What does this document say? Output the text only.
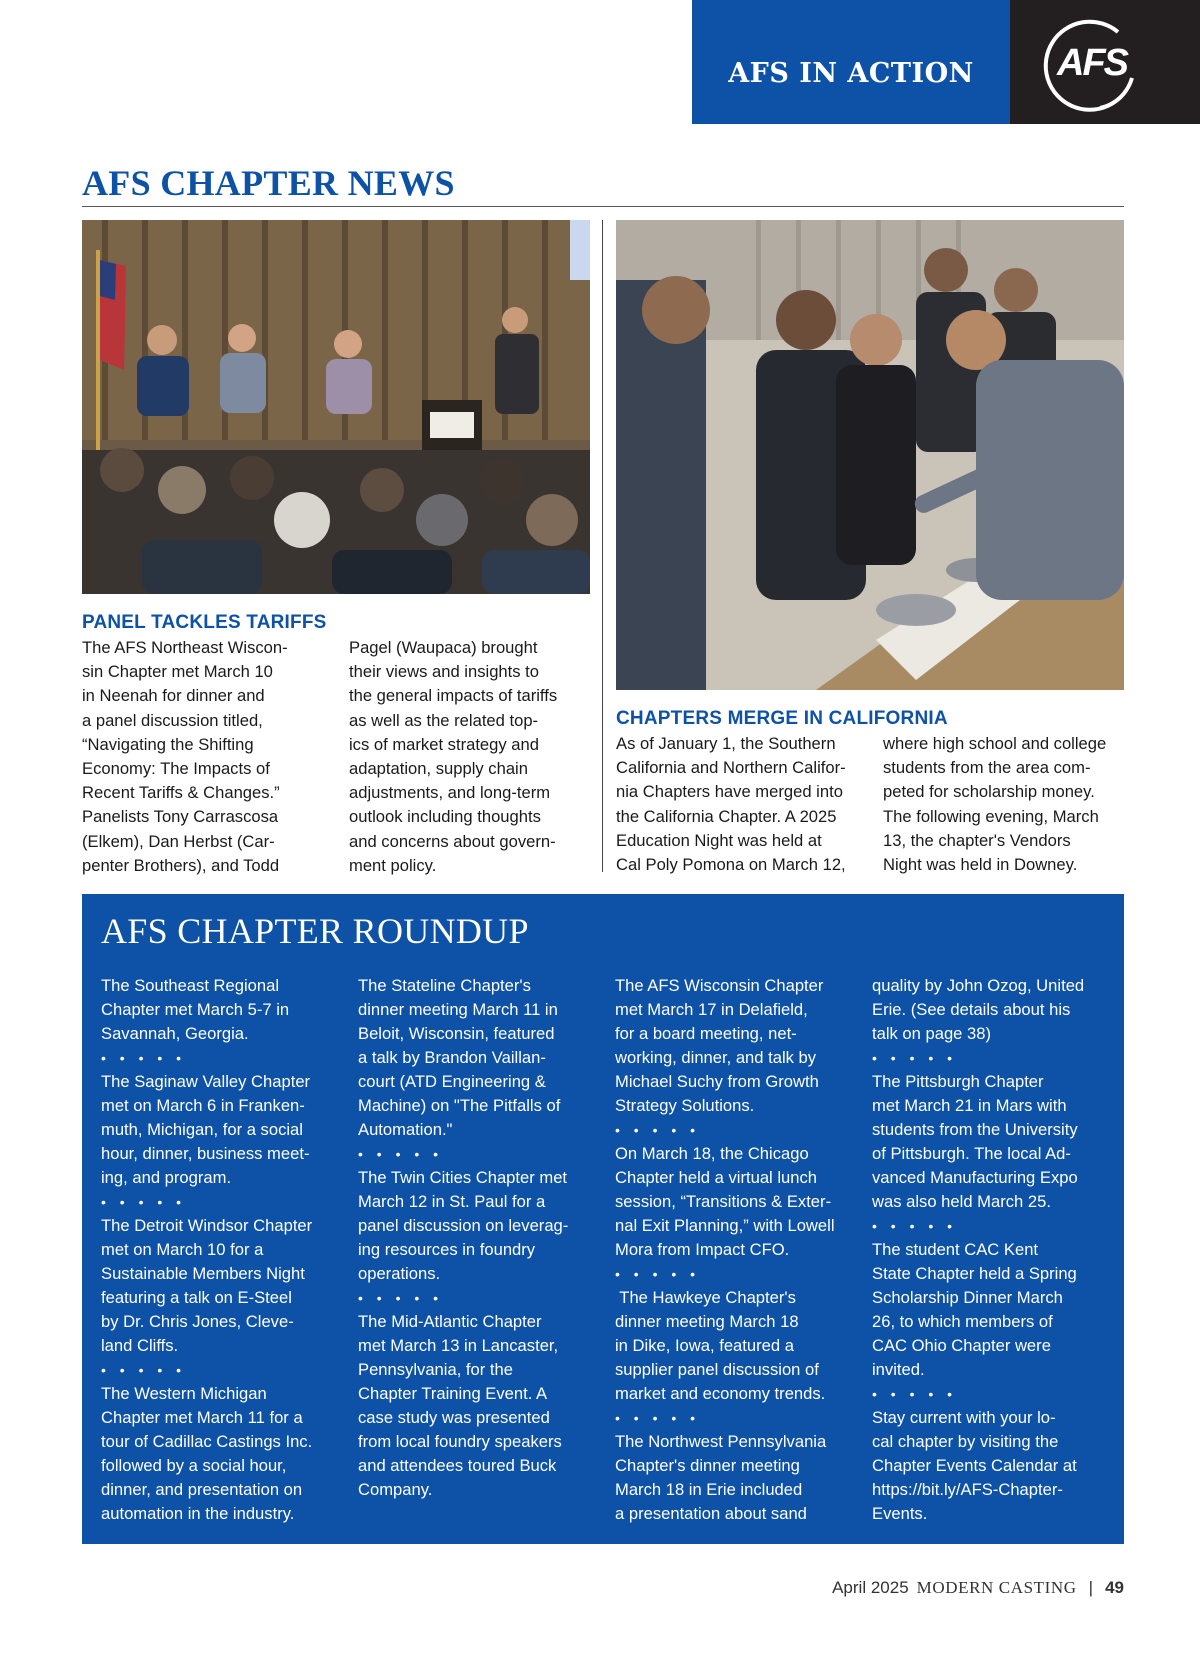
AFS IN ACTION AFS
AFS CHAPTER NEWS
PANEL TACKLES TARIFFS

The AFS Northeast Wiscon-
sin Chapter met March 10
in Neenah for dinner and
a panel discussion titled,
“Navigating the Shifting
Economy: The Impacts of
Recent Tariffs & Changes.”
Panelists Tony Carrascosa
(Elkem), Dan Herbst (Car-
penter Brothers), and Todd

Pagel (Waupaca) brought
their views and insights to
the general impacts of tariffs
as well as the related top-
ics of market strategy and
adaptation, supply chain
adjustments, and long-term
outlook including thoughts
and concerns about govern-
ment policy.

CHAPTERS MERGE IN CALIFORNIA

As of January 1, the Southern
California and Northern Califor-
nia Chapters have merged into
the California Chapter. A 2025
Education Night was held at
Cal Poly Pomona on March 12,

where high school and college
students from the area com-
peted for scholarship money.
The following evening, March
13, the chapter's Vendors
Night was held in Downey.

AFS CHAPTER ROUNDUP

The Southeast Regional
Chapter met March 5-7 in
Savannah, Georgia.

• • • • •

The Saginaw Valley Chapter
met on March 6 in Franken-
muth, Michigan, for a social
hour, dinner, business meet-
ing, and program.

• • • • •

The Detroit Windsor Chapter
met on March 10 for a
Sustainable Members Night
featuring a talk on E-Steel
by Dr. Chris Jones, Cleve-
land Cliffs.

• • • • •

The Western Michigan
Chapter met March 11 for a
tour of Cadillac Castings Inc.
followed by a social hour,
dinner, and presentation on
automation in the industry.

The Stateline Chapter's
dinner meeting March 11 in
Beloit, Wisconsin, featured
a talk by Brandon Vaillan-
court (ATD Engineering &
Machine) on "The Pitfalls of
Automation."

• • • • •

The Twin Cities Chapter met
March 12 in St. Paul for a
panel discussion on leverag-
ing resources in foundry
operations.

• • • • •

The Mid-Atlantic Chapter
met March 13 in Lancaster,
Pennsylvania, for the
Chapter Training Event. A
case study was presented
from local foundry speakers
and attendees toured Buck
Company.

The AFS Wisconsin Chapter
met March 17 in Delafield,
for a board meeting, net-
working, dinner, and talk by
Michael Suchy from Growth
Strategy Solutions.

• • • • •

On March 18, the Chicago
Chapter held a virtual lunch
session, “Transitions & Exter-
nal Exit Planning,” with Lowell
Mora from Impact CFO.

• • • • •

The Hawkeye Chapter's
dinner meeting March 18
in Dike, Iowa, featured a
supplier panel discussion of
market and economy trends.

• • • • •

The Northwest Pennsylvania
Chapter's dinner meeting
March 18 in Erie included
a presentation about sand

quality by John Ozog, United
Erie. (See details about his
talk on page 38)

• • • • •

The Pittsburgh Chapter
met March 21 in Mars with
students from the University
of Pittsburgh. The local Ad-
vanced Manufacturing Expo
was also held March 25.

• • • • •

The student CAC Kent
State Chapter held a Spring
Scholarship Dinner March
26, to which members of
CAC Ohio Chapter were
invited.

• • • • •

Stay current with your lo-
cal chapter by visiting the
Chapter Events Calendar at
https://bit.ly/AFS-Chapter-
Events.

April 2025 MODERN CASTING | 49
